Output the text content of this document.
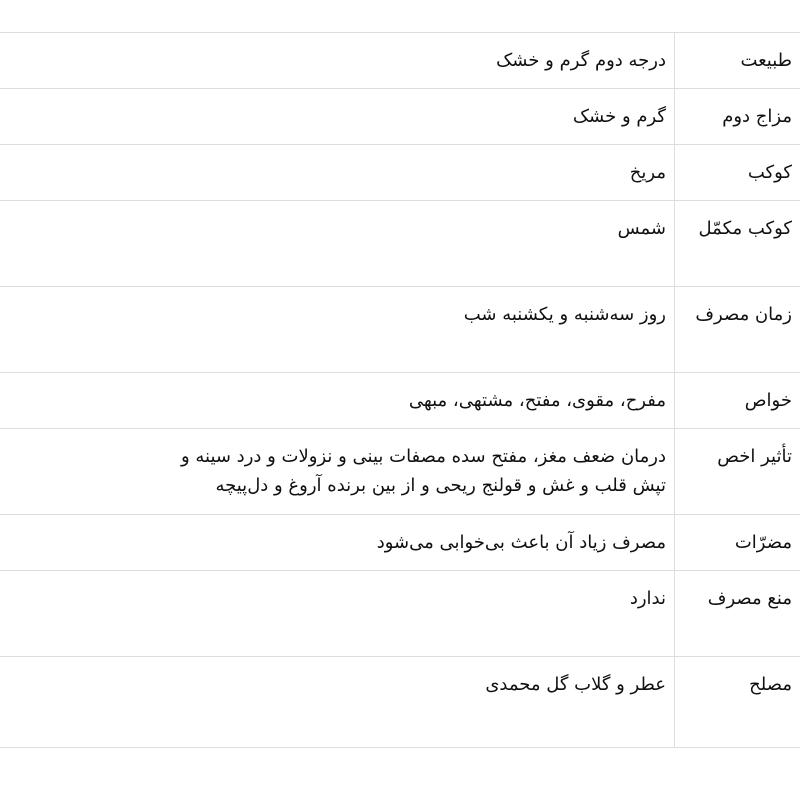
طبیعت	درجه دوم گرم و خشک
مزاج دوم	گرم و خشک
کوکب	مریخ
کوکب مکمّل	شمس
زمان مصرف	روز سه‌شنبه و یکشنبه شب
خواص	مفرح، مقوی، مفتح، مشتهی، مبهی
تأثیر اخص	درمان ضعف مغز، مفتح سده مصفات بینی و نزولات و درد سینه و
تپش قلب و غش و قولنج ریحی و از بین برنده آروغ و دل‌پیچه

مضرّات	مصرف زیاد آن باعث بی‌خوابی می‌شود
منع مصرف	ندارد
مصلح	عطر و گلاب گل محمدی
